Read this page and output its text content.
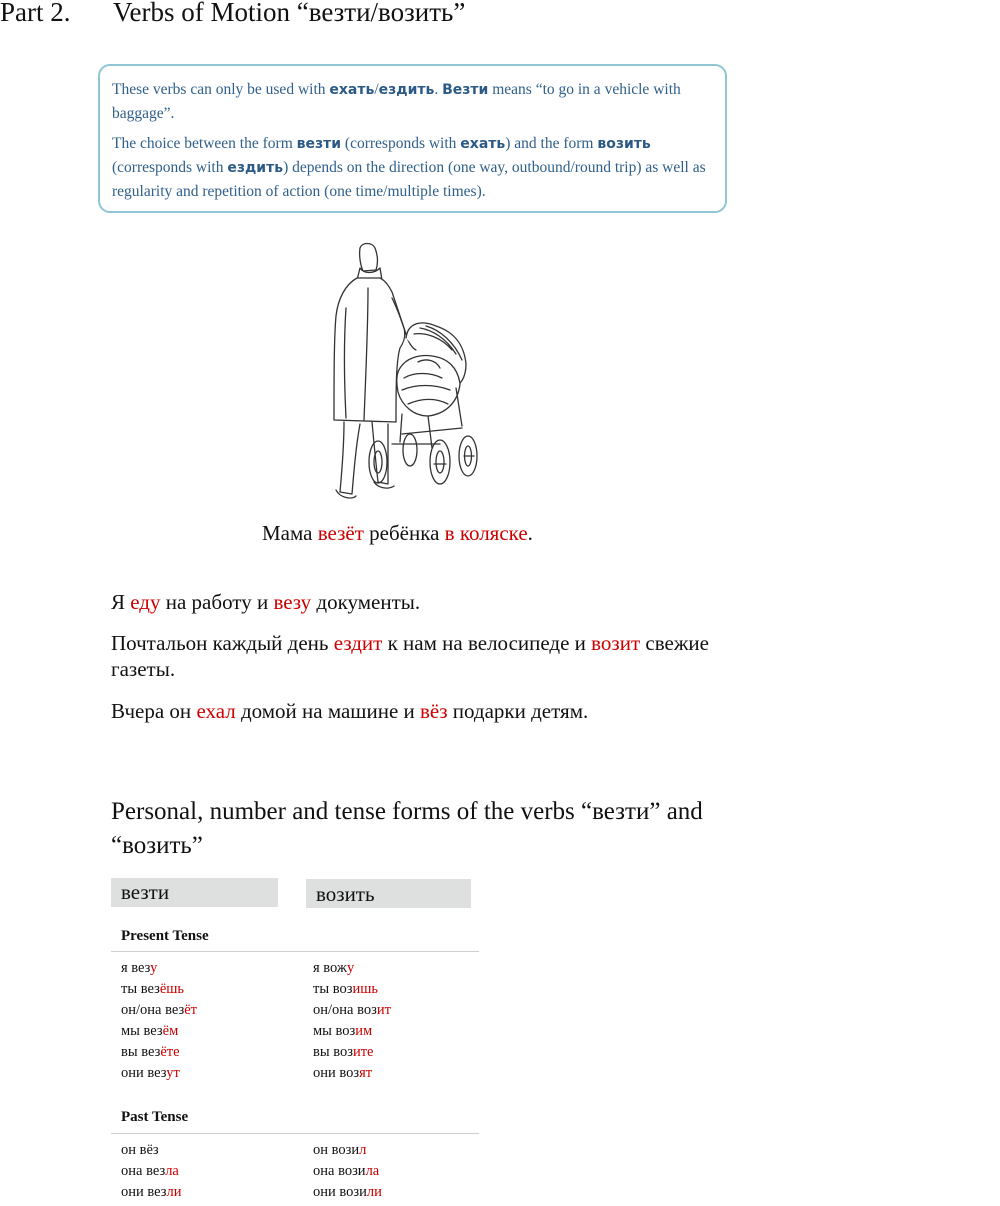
Part 2. Verbs of Motion “везти/возить”

These verbs can only be used with ехать/ездить. Везти means “to go in a vehicle with baggage”.

The choice between the form везти (corresponds with ехать) and the form возить (corresponds with ездить) depends on the direction (one way, outbound/round trip) as well as regularity and repetition of action (one time/multiple times).

Мама везёт ребёнка в коляске.
Я еду на работу и везу документы.
Почтальон каждый день ездит к нам на велосипеде и возит свежие газеты.
Вчера он ехал домой на машине и вёз подарки детям.
Personal, number and tense forms of the verbs “везти” and “возить”
везти	возить
Present Tense
я везу
ты везёшь
он/она везёт
мы везём
вы везёте
они везут
я вожу
ты возишь
он/она возит
мы возим
вы возите
они возят
Past Tense
он вёз
она везла
они везли
он возил
она возила
они возили
